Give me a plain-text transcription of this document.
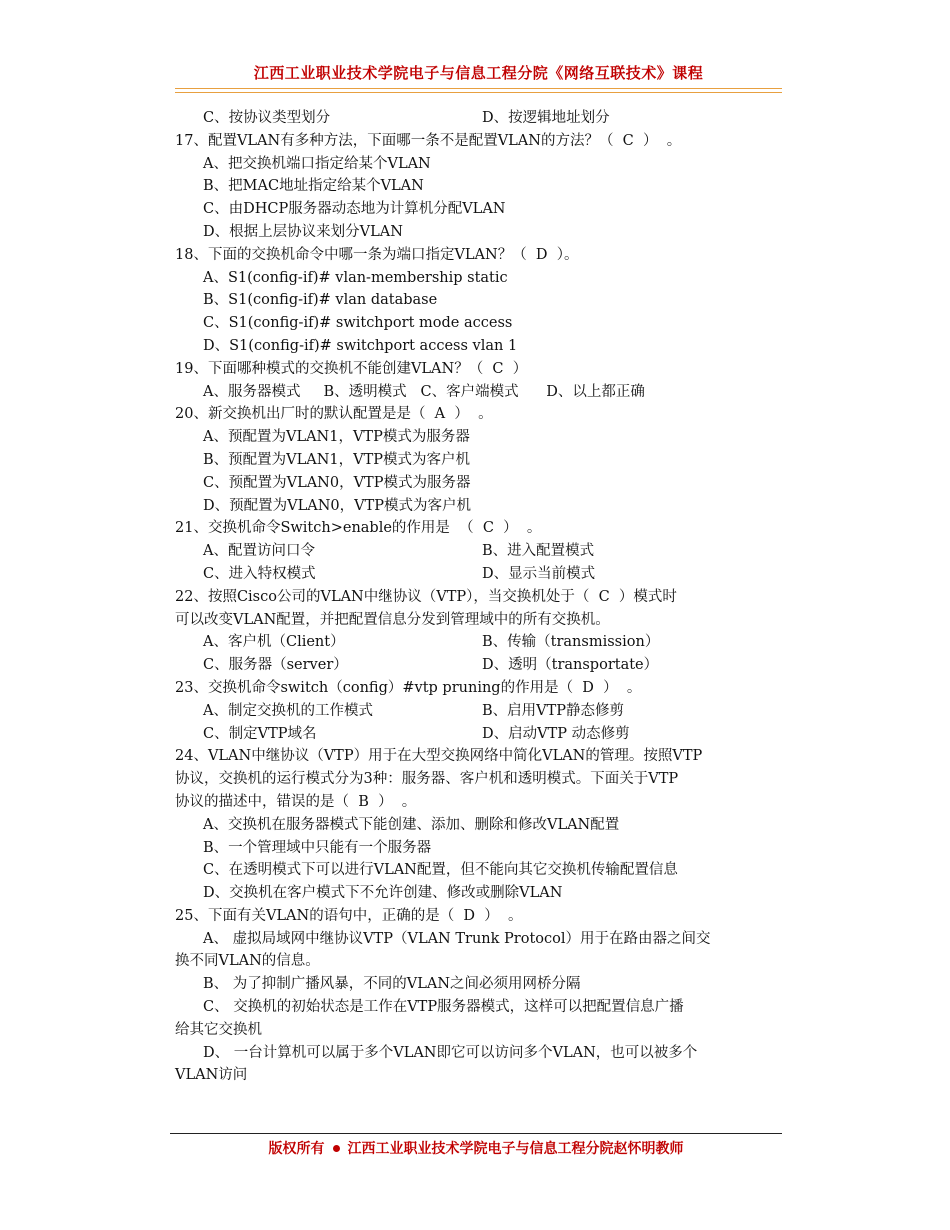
江西工业职业技术学院电子与信息工程分院《网络互联技术》课程
C、按协议类型划分	D、按逻辑地址划分
17、配置VLAN有多种方法，下面哪一条不是配置VLAN的方法？（  C  ）  。
A、把交换机端口指定给某个VLAN
B、把MAC地址指定给某个VLAN
C、由DHCP服务器动态地为计算机分配VLAN
D、根据上层协议来划分VLAN
18、下面的交换机命令中哪一条为端口指定VLAN？（  D  ）。
A、S1(config-if)# vlan-membership static
B、S1(config-if)# vlan database
C、S1(config-if)# switchport mode access
D、S1(config-if)# switchport access vlan 1
19、下面哪种模式的交换机不能创建VLAN？（  C  ）
A、服务器模式     B、透明模式   C、客户端模式      D、以上都正确
20、新交换机出厂时的默认配置是是（  A  ）  。
A、预配置为VLAN1，VTP模式为服务器
B、预配置为VLAN1，VTP模式为客户机
C、预配置为VLAN0，VTP模式为服务器
D、预配置为VLAN0，VTP模式为客户机
21、交换机命令Switch>enable的作用是  （  C  ）  。
A、配置访问口令	B、进入配置模式
C、进入特权模式	D、显示当前模式
22、按照Cisco公司的VLAN中继协议（VTP），当交换机处于（  C  ）模式时
可以改变VLAN配置，并把配置信息分发到管理域中的所有交换机。
A、客户机（Client）	B、传输（transmission）
C、服务器（server）	D、透明（transportate）
23、交换机命令switch（config）#vtp pruning的作用是（  D  ）  。
A、制定交换机的工作模式	B、启用VTP静态修剪
C、制定VTP域名	D、启动VTP 动态修剪
24、VLAN中继协议（VTP）用于在大型交换网络中简化VLAN的管理。按照VTP
协议，交换机的运行模式分为3种：服务器、客户机和透明模式。下面关于VTP
协议的描述中，错误的是（  B  ）  。
A、交换机在服务器模式下能创建、添加、删除和修改VLAN配置
B、一个管理域中只能有一个服务器
C、在透明模式下可以进行VLAN配置，但不能向其它交换机传输配置信息
D、交换机在客户模式下不允许创建、修改或删除VLAN
25、下面有关VLAN的语句中，正确的是（  D  ）  。
A、 虚拟局域网中继协议VTP（VLAN Trunk Protocol）用于在路由器之间交
换不同VLAN的信息。
B、 为了抑制广播风暴，不同的VLAN之间必须用网桥分隔
C、 交换机的初始状态是工作在VTP服务器模式，这样可以把配置信息广播
给其它交换机
D、 一台计算机可以属于多个VLAN即它可以访问多个VLAN，也可以被多个
VLAN访问
版权所有 江西工业职业技术学院电子与信息工程分院赵怀明教师
